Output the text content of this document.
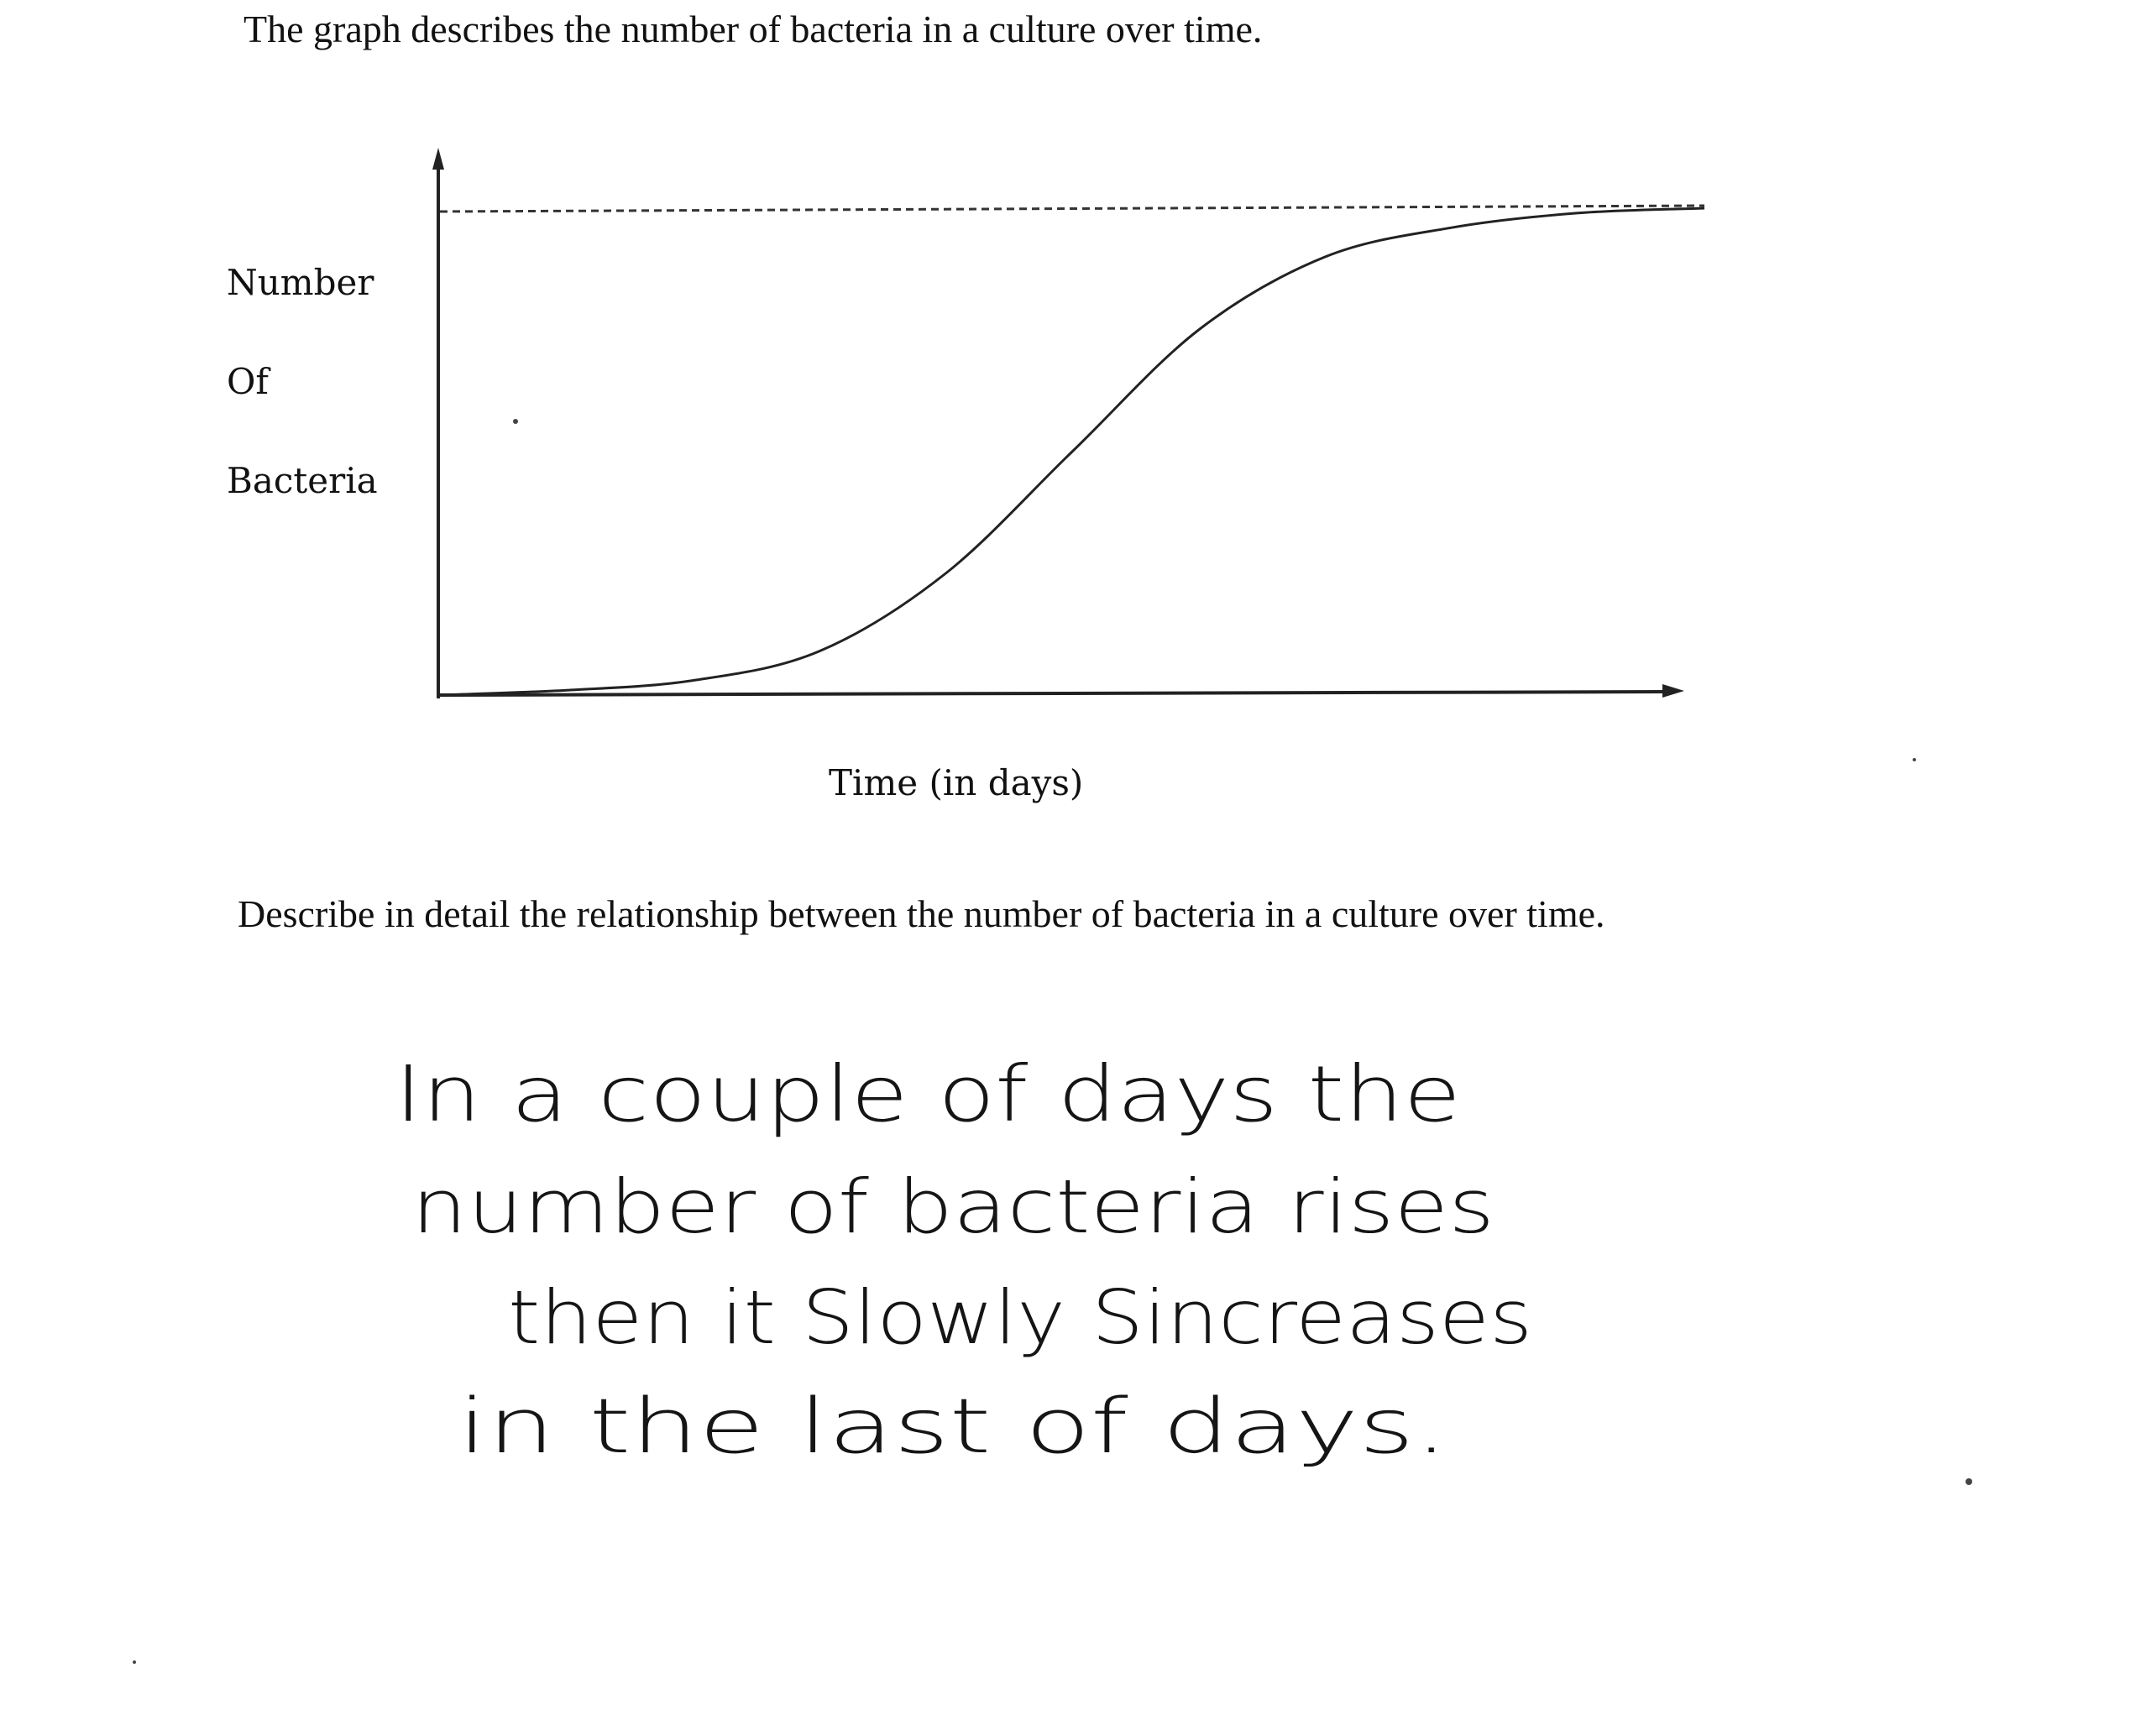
The graph describes the number of bacteria in a culture over time.
Number
Of
Bacteria
Time (in days)
Describe in detail the relationship between the number of bacteria in a culture over time.
In a couple of days the
number of bacteria rises
then it Slowly Sincreases
in the last of days.
